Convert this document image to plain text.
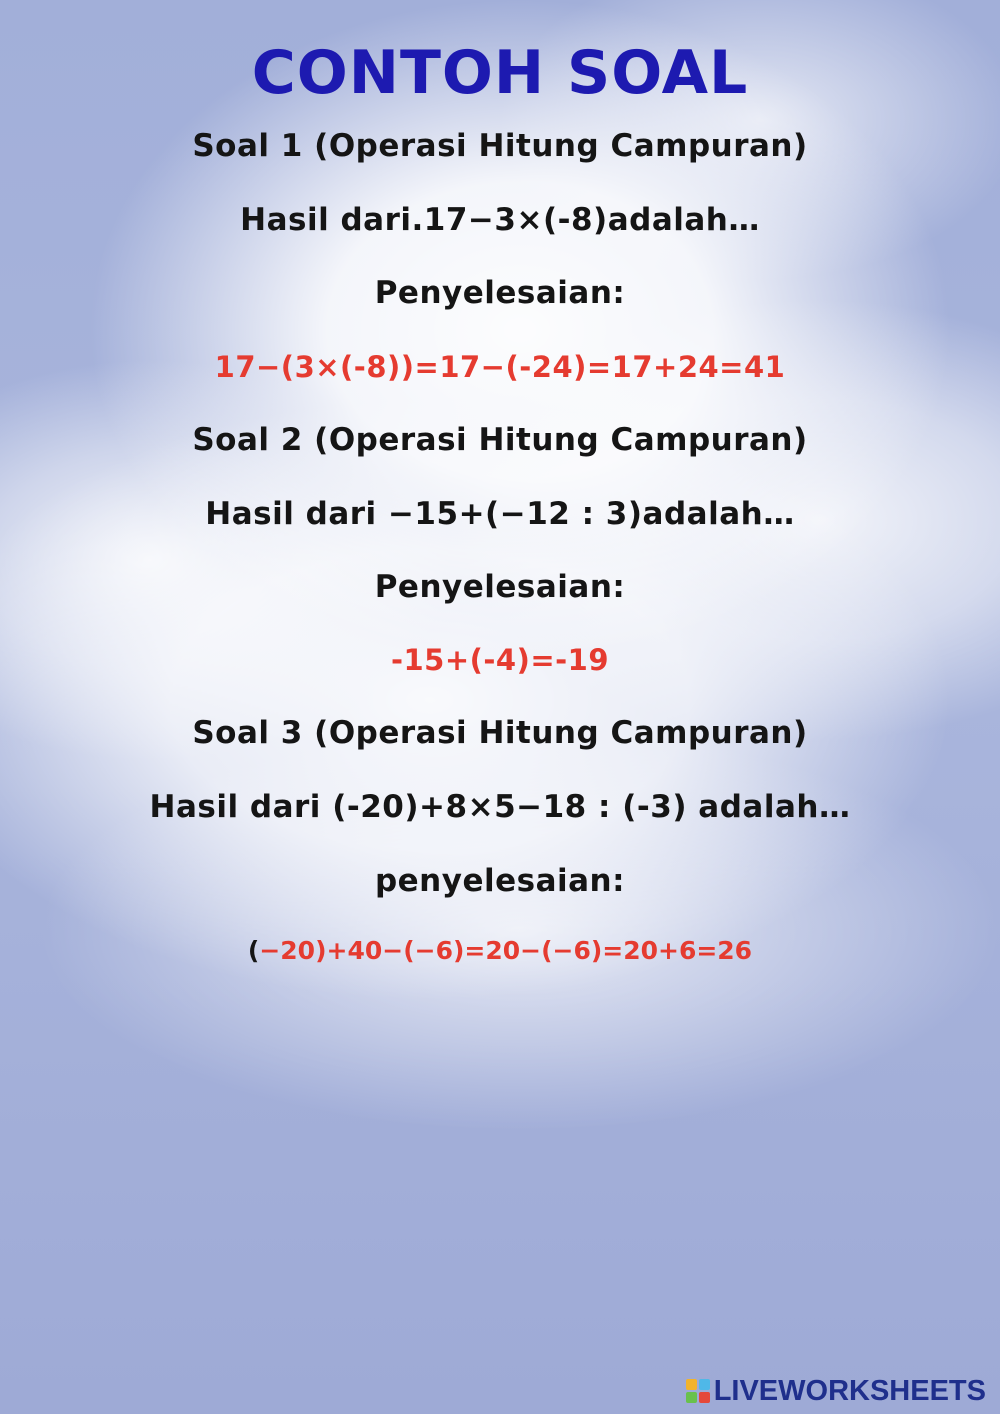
CONTOH SOAL
Soal 1 (Operasi Hitung Campuran)
Hasil dari.17−3×(-8)adalah…
Penyelesaian:
17−(3×(-8))=17−(-24)=17+24=41
Soal 2 (Operasi Hitung Campuran)
Hasil dari −15+(−12 : 3)adalah…
Penyelesaian:
-15+(-4)=-19
Soal 3 (Operasi Hitung Campuran)
Hasil dari (-20)+8×5−18 : (-3) adalah…
penyelesaian:
(−20)+40−(−6)=20−(−6)=20+6=26
LIVEWORKSHEETS
